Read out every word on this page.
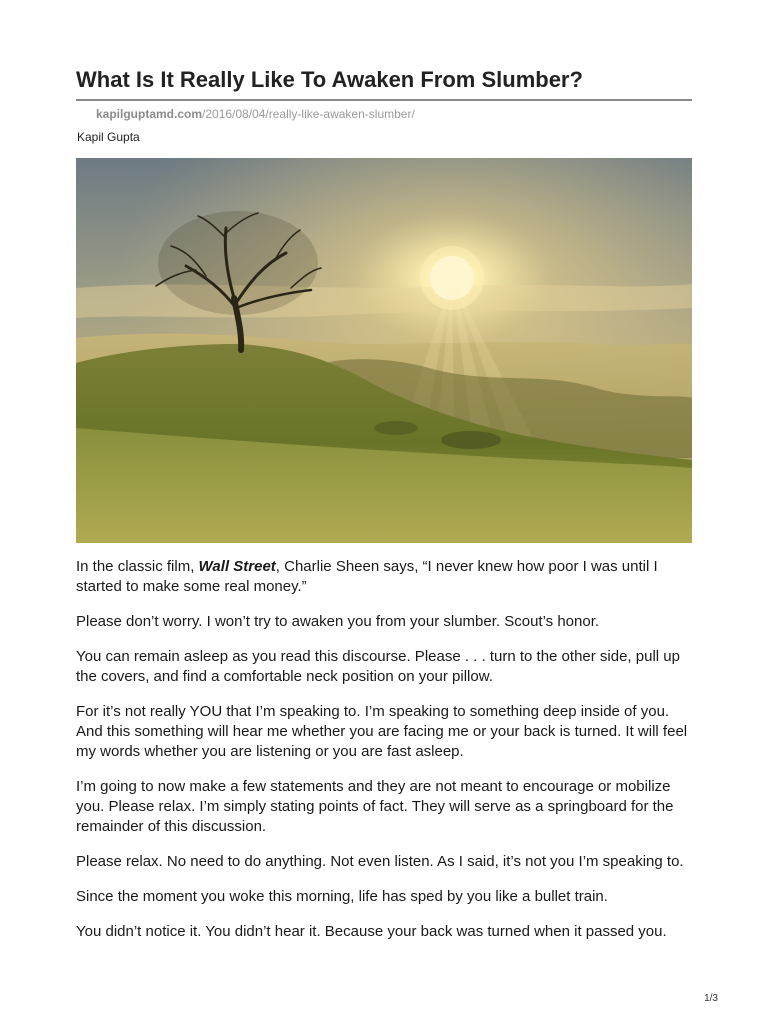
What Is It Really Like To Awaken From Slumber?
kapilguptamd.com/2016/08/04/really-like-awaken-slumber/
Kapil Gupta

In the classic film, Wall Street, Charlie Sheen says, “I never knew how poor I was until I started to make some real money.”

Please don’t worry. I won’t try to awaken you from your slumber. Scout’s honor.

You can remain asleep as you read this discourse. Please . . . turn to the other side, pull up the covers, and find a comfortable neck position on your pillow.

For it’s not really YOU that I’m speaking to. I’m speaking to something deep inside of you. And this something will hear me whether you are facing me or your back is turned. It will feel my words whether you are listening or you are fast asleep.

I’m going to now make a few statements and they are not meant to encourage or mobilize you. Please relax. I’m simply stating points of fact. They will serve as a springboard for the remainder of this discussion.

Please relax. No need to do anything. Not even listen. As I said, it’s not you I’m speaking to.

Since the moment you woke this morning, life has sped by you like a bullet train.

You didn’t notice it. You didn’t hear it. Because your back was turned when it passed you.

1/3
